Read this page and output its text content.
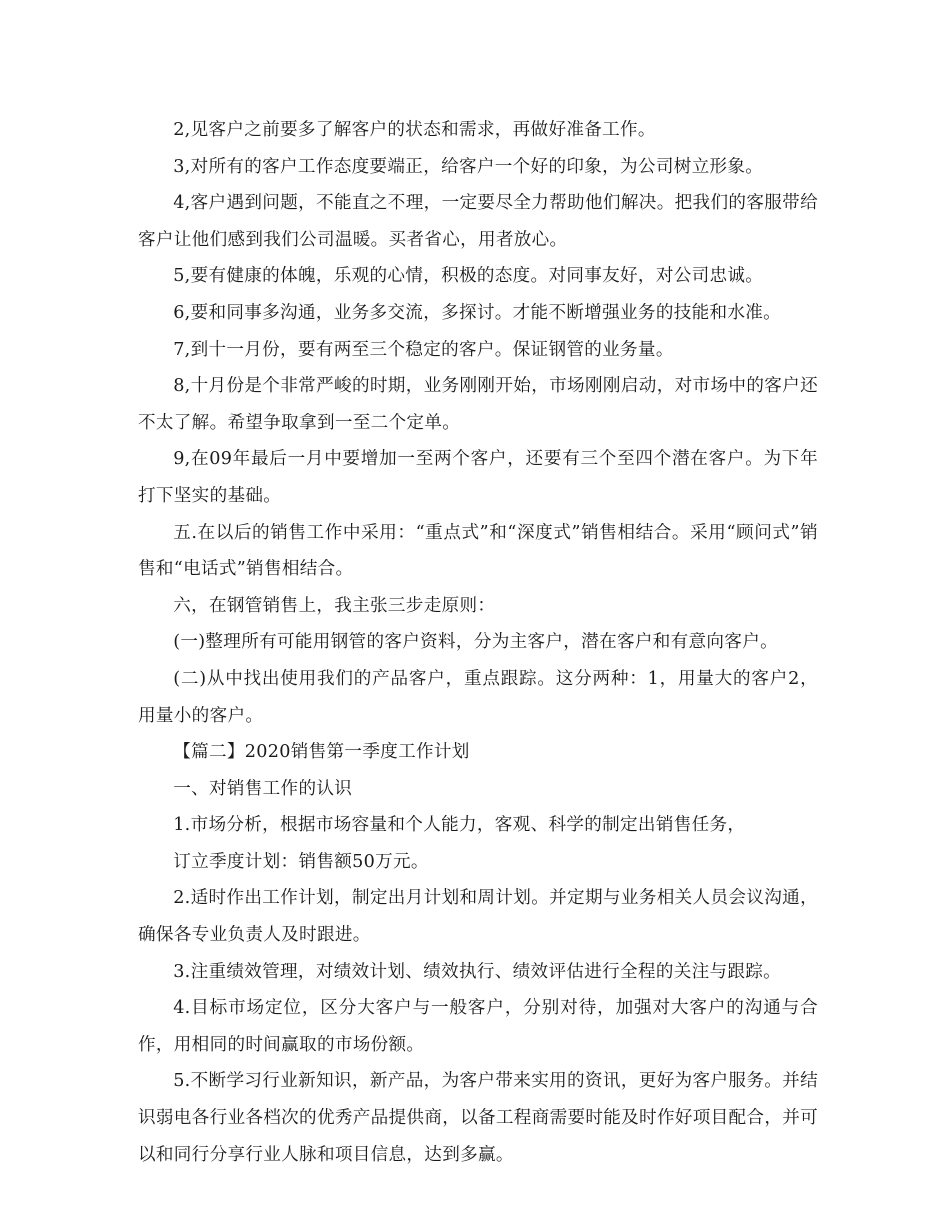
2,见客户之前要多了解客户的状态和需求，再做好准备工作。

3,对所有的客户工作态度要端正，给客户一个好的印象，为公司树立形象。

4,客户遇到问题，不能直之不理，一定要尽全力帮助他们解决。把我们的客服带给客户让他们感到我们公司温暖。买者省心，用者放心。

5,要有健康的体魄，乐观的心情，积极的态度。对同事友好，对公司忠诚。

6,要和同事多沟通，业务多交流，多探讨。才能不断增强业务的技能和水准。

7,到十一月份，要有两至三个稳定的客户。保证钢管的业务量。

8,十月份是个非常严峻的时期，业务刚刚开始，市场刚刚启动，对市场中的客户还不太了解。希望争取拿到一至二个定单。

9,在09年最后一月中要增加一至两个客户，还要有三个至四个潜在客户。为下年打下坚实的基础。

五.在以后的销售工作中采用：“重点式”和“深度式”销售相结合。采用“顾问式”销售和“电话式”销售相结合。

六，在钢管销售上，我主张三步走原则：

(一)整理所有可能用钢管的客户资料，分为主客户，潜在客户和有意向客户。

(二)从中找出使用我们的产品客户，重点跟踪。这分两种：1，用量大的客户2，用量小的客户。

【篇二】2020销售第一季度工作计划

一、对销售工作的认识

1.市场分析，根据市场容量和个人能力，客观、科学的制定出销售任务，

订立季度计划：销售额50万元。

2.适时作出工作计划，制定出月计划和周计划。并定期与业务相关人员会议沟通，确保各专业负责人及时跟进。

3.注重绩效管理，对绩效计划、绩效执行、绩效评估进行全程的关注与跟踪。

4.目标市场定位，区分大客户与一般客户，分别对待，加强对大客户的沟通与合作，用相同的时间赢取的市场份额。

5.不断学习行业新知识，新产品，为客户带来实用的资讯，更好为客户服务。并结识弱电各行业各档次的优秀产品提供商，以备工程商需要时能及时作好项目配合，并可以和同行分享行业人脉和项目信息，达到多赢。
